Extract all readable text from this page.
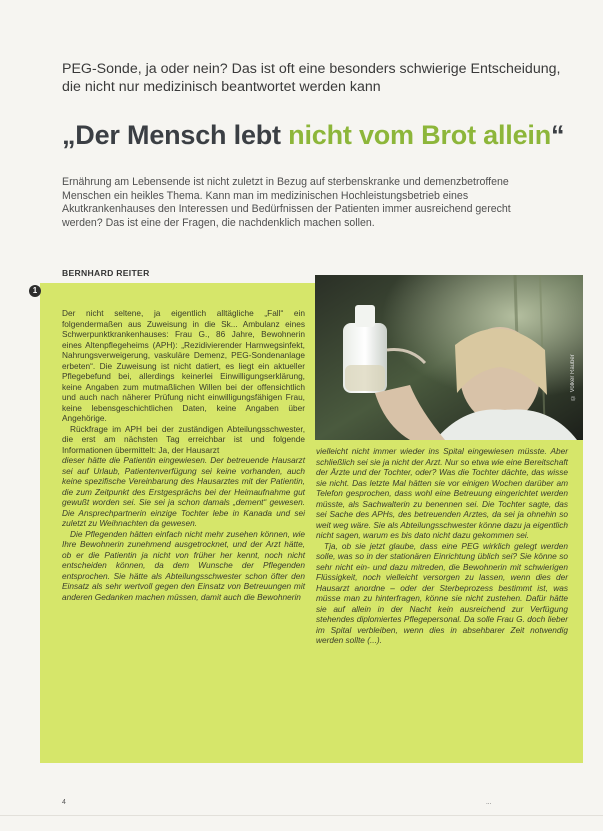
PEG-Sonde, ja oder nein? Das ist oft eine besonders schwierige Entscheidung, die nicht nur medizinisch beantwortet werden kann
„Der Mensch lebt nicht vom Brot allein“
Ernährung am Lebensende ist nicht zuletzt in Bezug auf sterbenskranke und demenzbetroffene Menschen ein heikles Thema. Kann man im medizinischen Hochleistungsbetrieb eines Akutkrankenhauses den Interessen und Bedürfnissen der Patienten immer ausreichend gerecht werden? Das ist eine der Fragen, die nachdenklich machen sollen.
BERNHARD REITER
1

Der nicht seltene, ja eigentlich alltägliche „Fall“ ein folgendermaßen aus Zuweisung in die Sk... Ambulanz eines Schwerpunktkrankenhauses: Frau G., 86 Jahre, Bewohnerin eines Altenpflegeheims (APH): „Rezidivierender Harnwegsinfekt, Nahrungsverweigerung, vaskuläre Demenz, PEG-Sondenanlage erbeten“. Die Zuweisung ist nicht datiert, es liegt ein aktueller Pflegebefund bei, allerdings keinerlei Einwilligungserklärung, keine Angaben zum mutmaßlichen Willen bei der offensichtlich und auch nach näherer Prüfung nicht einwilligungsfähigen Frau, keine lebensgeschichtlichen Daten, keine Angaben über Angehörige.

Rückfrage im APH bei der zuständigen Abteilungsschwester, die erst am nächsten Tag erreichbar ist und folgende Informationen übermittelt: Ja, der Hausarzt

dieser hätte die Patientin eingewiesen. Der betreuende Hausarzt sei auf Urlaub, Patientenverfügung sei keine vorhanden, auch keine spezifische Vereinbarung des Hausarztes mit der Patientin, die zum Zeitpunkt des Erstgesprächs bei der Heimaufnahme gut gewußt worden sei. Sie sei ja schon damals „dement“ gewesen. Die Ansprechpartnerin einzige Tochter lebe in Kanada und sei zuletzt zu Weihnachten da gewesen.

Die Pflegenden hätten einfach nicht mehr zusehen können, wie Ihre Bewohnerin zunehmend ausgetrocknet, und der Arzt hätte, ob er die Patientin ja nicht von früher her kennt, noch nicht entscheiden können, da dem Wunsche der Pflegenden entsprochen. Sie hätte als Abteilungsschwester schon öfter den Einsatz als sehr wertvoll gegen den Einsatz von Betreuungen mit anderen Gedanken machen müssen, damit auch die Bewohnerin

© Volker Rauber

vielleicht nicht immer wieder ins Spital eingewiesen müsste. Aber schließlich sei sie ja nicht der Arzt. Nur so etwa wie eine Bereitschaft der Ärzte und der Tochter, oder? Was die Tochter dächte, das wisse sie nicht. Das letzte Mal hätten sie vor einigen Wochen darüber am Telefon gesprochen, dass wohl eine Betreuung eingerichtet werden müsste, als Sachwalterin zu benennen sei. Die Tochter sagte, das sei Sache des APHs, des betreuenden Arztes, da sei ja ohnehin so weit weg wäre. Sie als Abteilungsschwester könne dazu ja eigentlich nicht sagen, warum es bis dato nicht dazu gekommen sei.

Tja, ob sie jetzt glaube, dass eine PEG wirklich gelegt werden solle, was so in der stationären Einrichtung üblich sei? Sie könne so sehr nicht ein- und dazu mitreden, die Bewohnerin mit schwierigen Flüssigkeit, noch vielleicht versorgen zu lassen, wenn dies der Hausarzt anordne – oder der Sterbeprozess bestimmt ist, was müsse man zu hinterfragen, könne sie nicht zustehen. Dafür hätte sie auf allein in der Nacht kein ausreichend zur Verfügung stehendes diplomiertes Pflegepersonal. Da solle Frau G. doch lieber im Spital verbleiben, wenn dies in absehbarer Zeit notwendig werden sollte (...).

4	...
